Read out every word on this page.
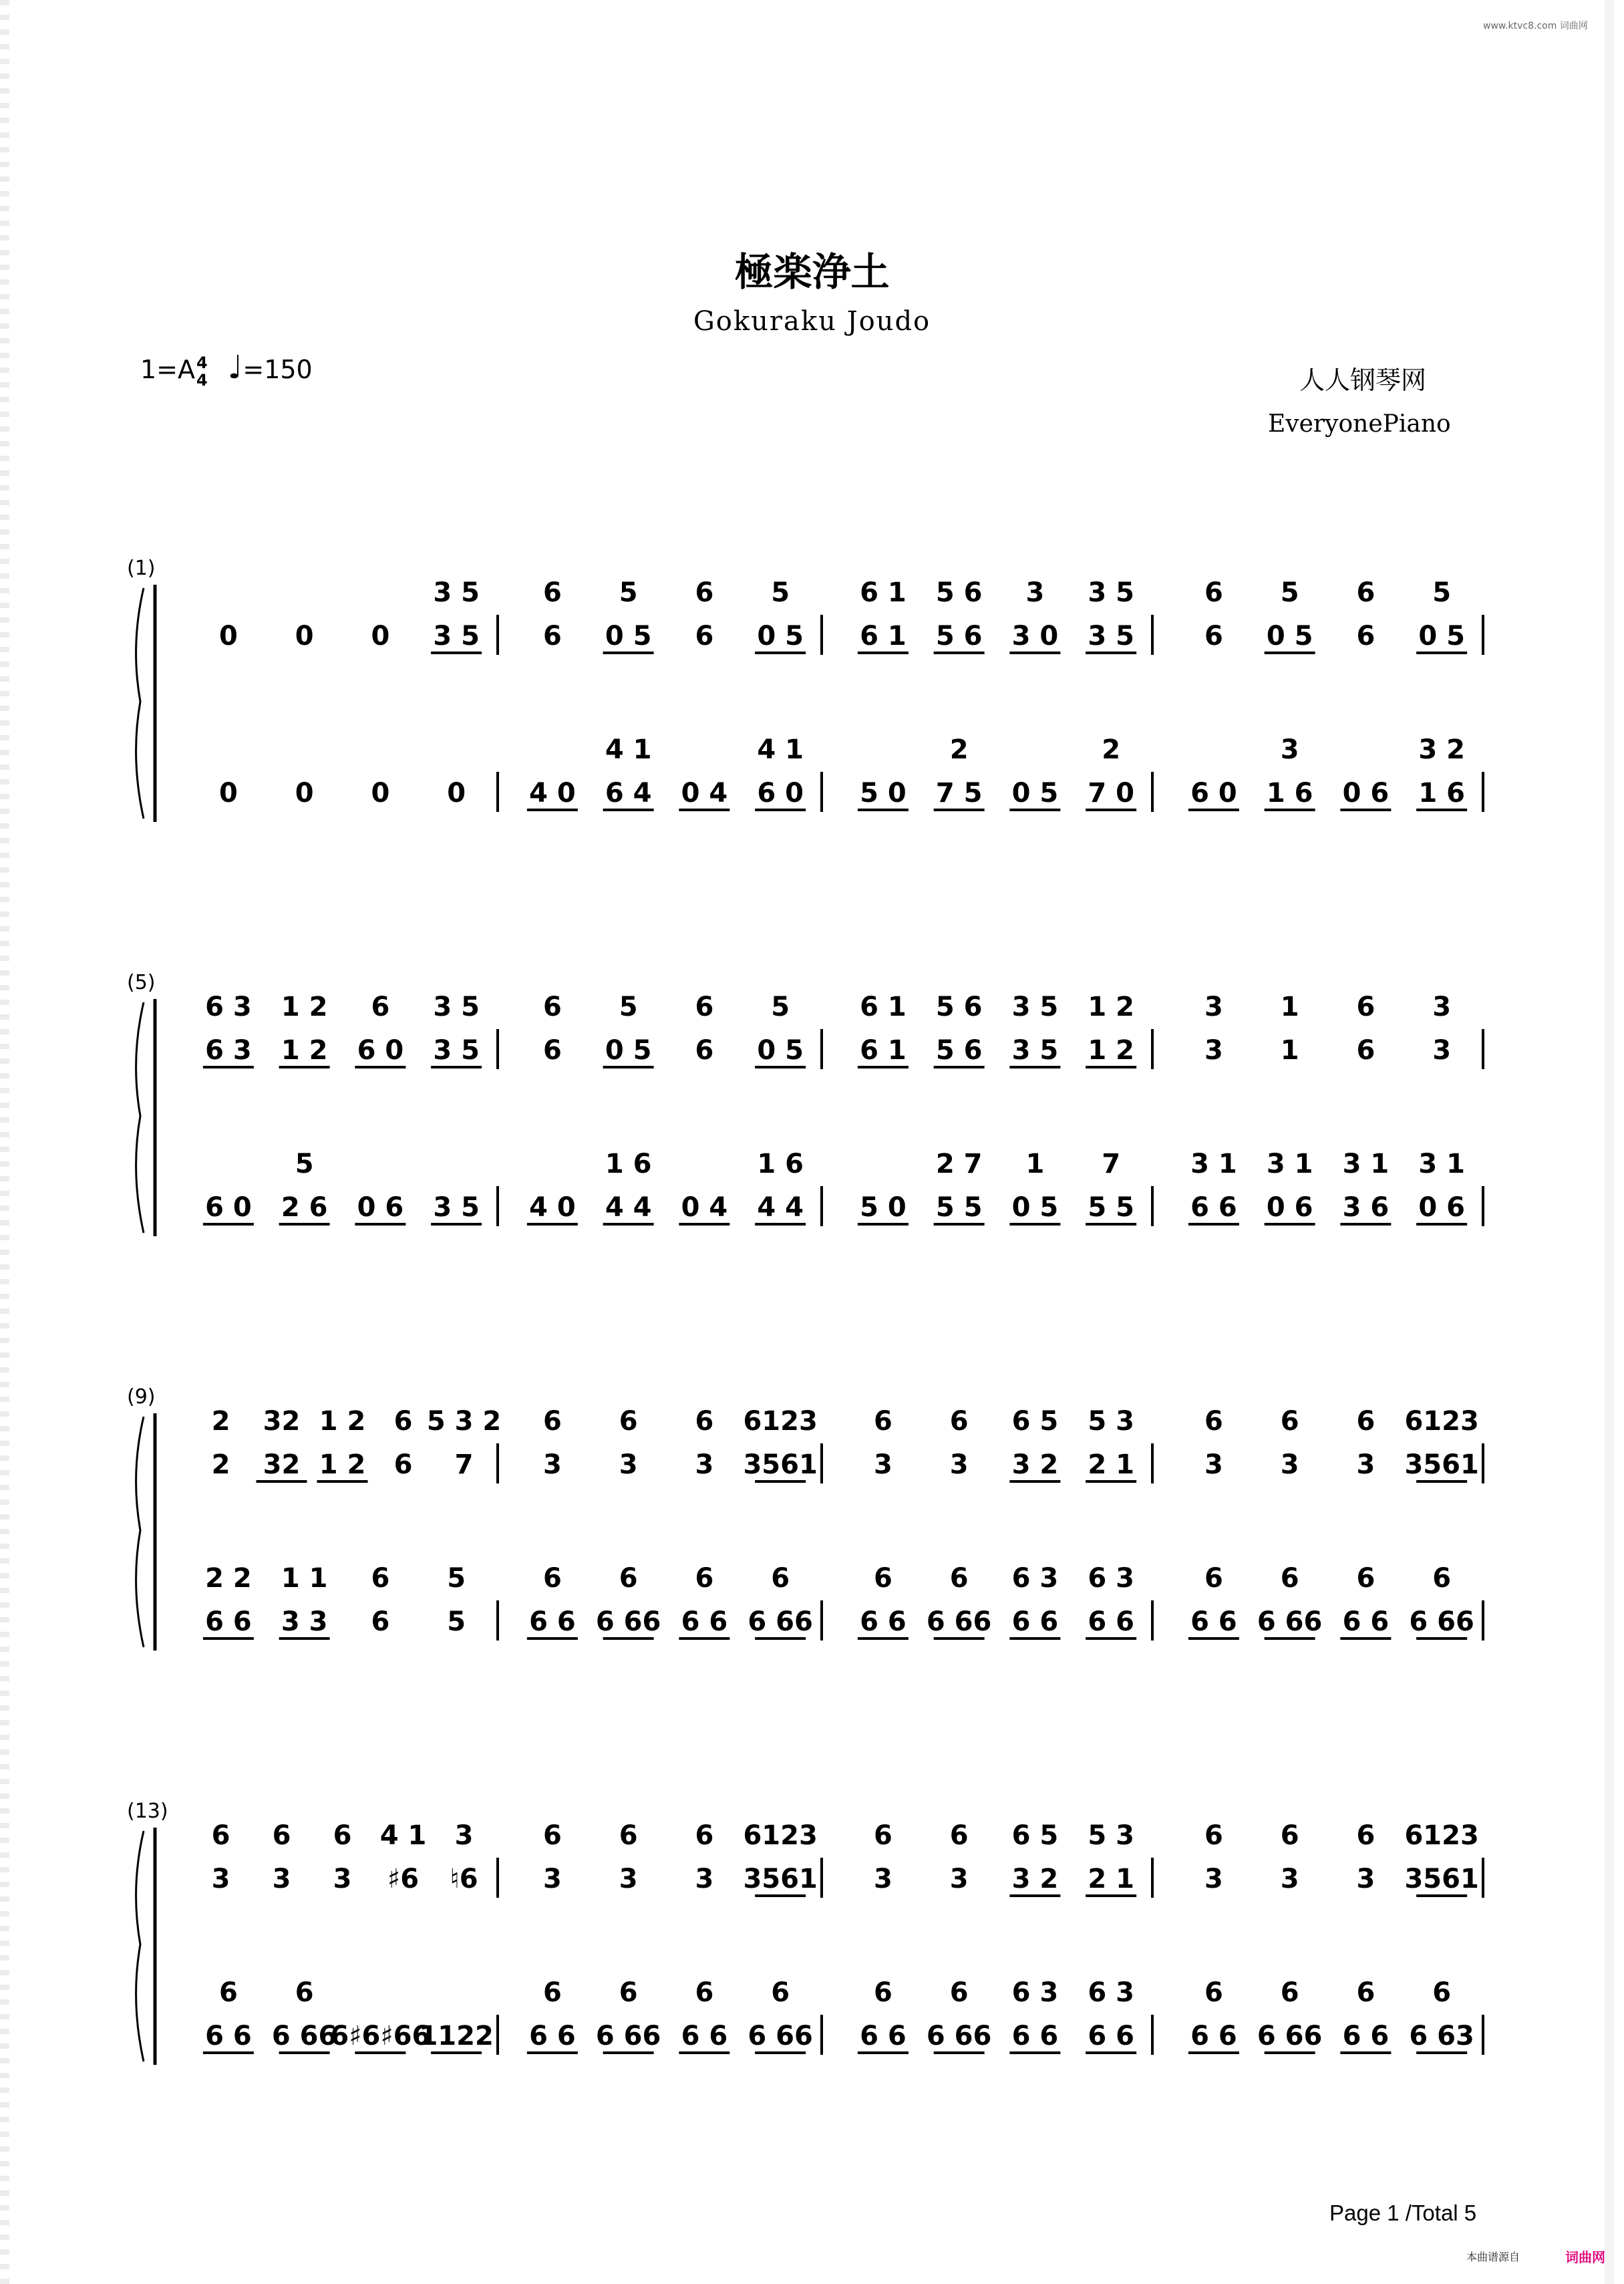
www.ktvc8.com 词曲网
極楽浄土
Gokuraku Joudo
1=A4
4 ♩=150	人人钢琴网
EveryonePiano
(1)
3 5
0 0 0 3 5
0 0 0 0
6 5 6 5
6 0 5 6 0 5
4 1	4 1
4 0 6 4 0 4 6 0
6 1 5 6 3 3 5
6 1 5 6 3 0 3 5
2	2
5 0 7 5 0 5 7 0
6 5 6 5
6 0 5 6 0 5
3	3 2
6 0 1 6 0 6 1 6
(5)
6 3 1 2 6 3 5
6 3 1 2 6 0 3 5
5
6 0 2 6 0 6 3 5
6 5 6 5
6 0 5 6 0 5
1 6	1 6
4 0 4 4 0 4 4 4
6 1 5 6 3 5 1 2
6 1 5 6 3 5 1 2
2 7 1 7
5 0 5 5 0 5 5 5
3 1 6 3
3 1 6 3
3 1 3 1 3 1 3 1
6 6 0 6 3 6 0 6
(9)
2 32 1 2 6 5 3 2
2 32 1 2 6 7
2 2 1 1 6 5
6 6 3 3 6 5
6 6 6 6123
3 3 3 3561
6 6 6 6
6 6 6 66 6 6 6 66
6 6 6 5 5 3
3 3 3 2 2 1
6 6 6 3 6 3
6 6 6 66 6 6 6 6
6 6 6 6123
3 3 3 3561
6 6 6 6
6 6 6 66 6 6 6 66
(13)
6 6 6 4 1 3
3 3 3 ♯6 ♮6
6 6
6 6 6 66
6♯6♯66
1122
6 6 6 6123
3 3 3 3561
6 6 6 6
6 6 6 66 6 6 6 66
6 6 6 5 5 3
3 3 3 2 2 1
6 6 6 3 6 3
6 6 6 66 6 6 6 6
6 6 6 6123
3 3 3 3561
6 6 6 6
6 6 6 66 6 6 6 63
Page 1 /Total 5
本曲谱源自	词曲网
